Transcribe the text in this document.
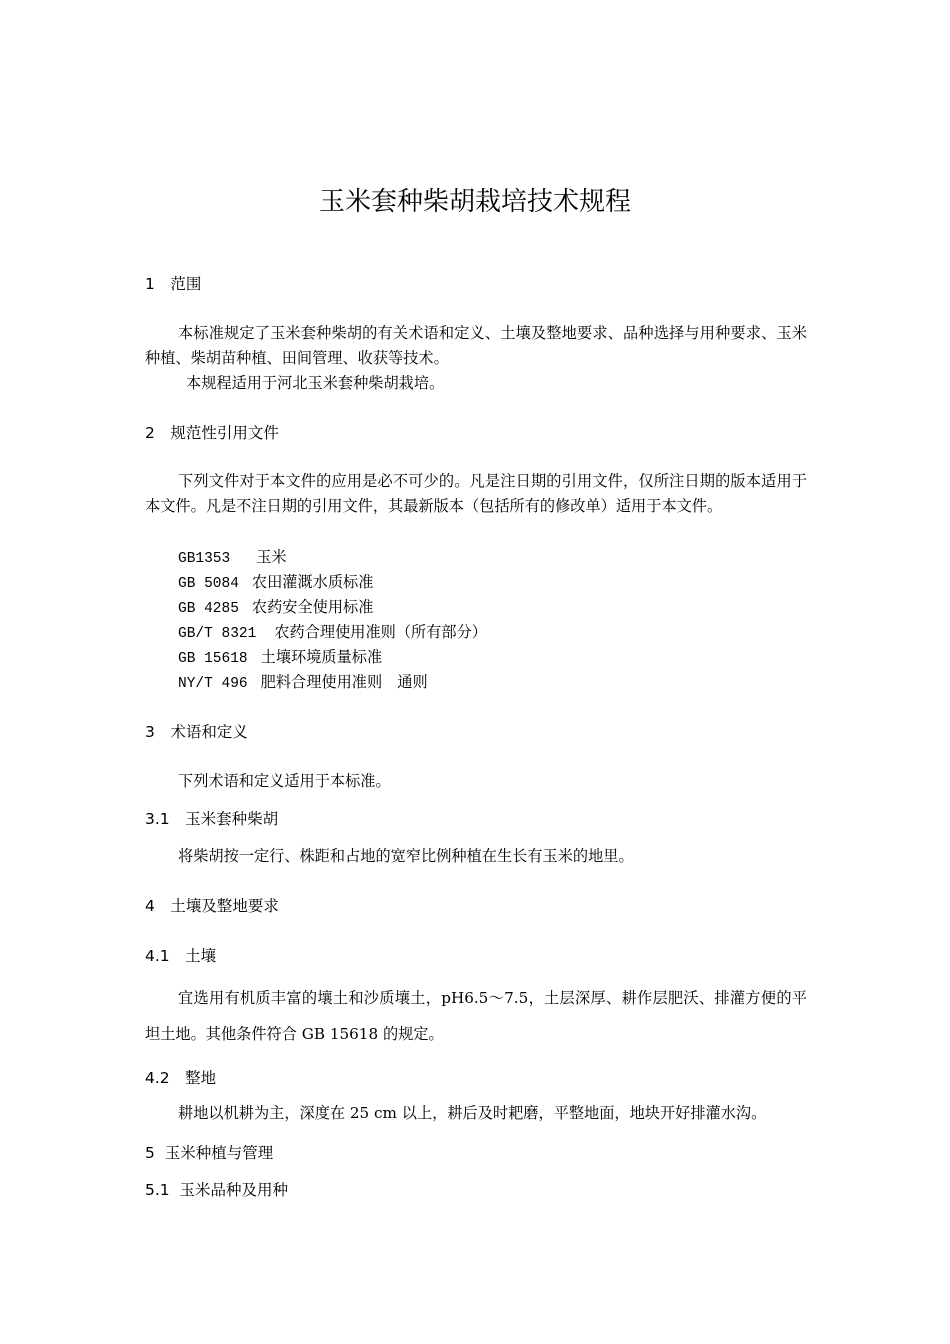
玉米套种柴胡栽培技术规程
1　范围
本标准规定了玉米套种柴胡的有关术语和定义、土壤及整地要求、品种选择与用种要求、玉米种植、柴胡苗种植、田间管理、收获等技术。
本规程适用于河北玉米套种柴胡栽培。
2　规范性引用文件
下列文件对于本文件的应用是必不可少的。凡是注日期的引用文件，仅所注日期的版本适用于本文件。凡是不注日期的引用文件，其最新版本（包括所有的修改单）适用于本文件。
GB1353 玉米
GB 5084 农田灌溉水质标准
GB 4285 农药安全使用标准
GB/T 8321 农药合理使用准则（所有部分）
GB 15618 土壤环境质量标准
NY/T 496 肥料合理使用准则　通则
3　术语和定义
下列术语和定义适用于本标准。
3.1　玉米套种柴胡
将柴胡按一定行、株距和占地的宽窄比例种植在生长有玉米的地里。
4　土壤及整地要求
4.1　土壤
宜选用有机质丰富的壤土和沙质壤土，pH6.5～7.5，土层深厚、耕作层肥沃、排灌方便的平坦土地。其他条件符合 GB 15618 的规定。
4.2　整地
耕地以机耕为主，深度在 25 cm 以上，耕后及时耙磨，平整地面，地块开好排灌水沟。
5  玉米种植与管理
5.1  玉米品种及用种
